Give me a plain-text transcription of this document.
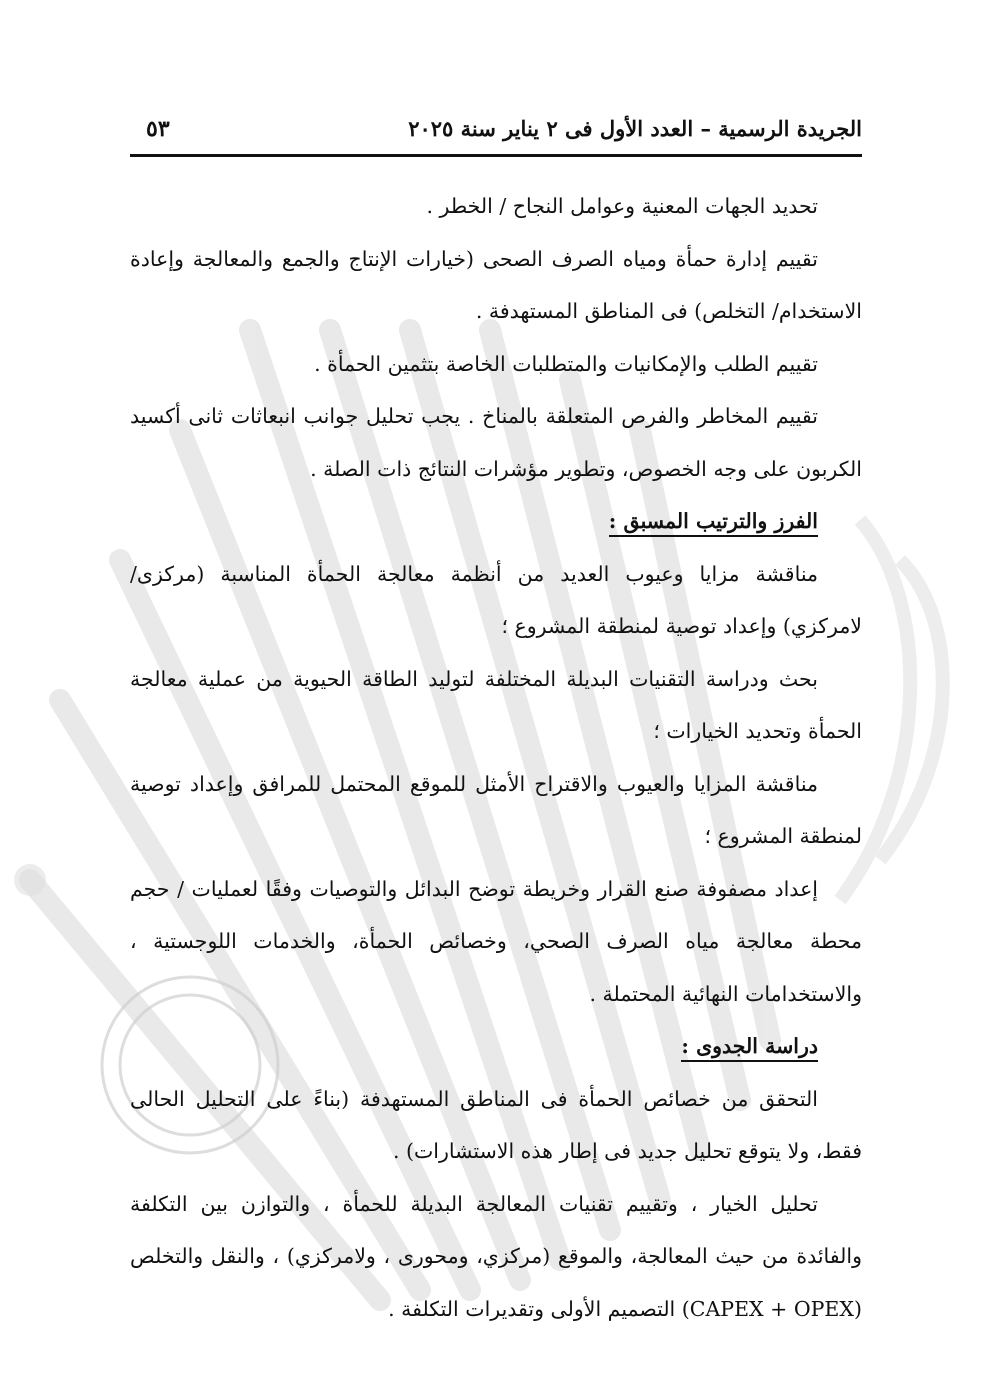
الجريدة الرسمية – العدد الأول فى ٢ يناير سنة ٢٠٢٥
٥٣

تحديد الجهات المعنية وعوامل النجاح / الخطر .

تقييم إدارة حمأة ومياه الصرف الصحى (خيارات الإنتاج والجمع والمعالجة وإعادة الاستخدام/ التخلص) فى المناطق المستهدفة .

تقييم الطلب والإمكانيات والمتطلبات الخاصة بتثمين الحمأة .

تقييم المخاطر والفرص المتعلقة بالمناخ . يجب تحليل جوانب انبعاثات ثانى أكسيد الكربون على وجه الخصوص، وتطوير مؤشرات النتائج ذات الصلة .

الفرز والترتيب المسبق :

مناقشة مزايا وعيوب العديد من أنظمة معالجة الحمأة المناسبة (مركزى/ لامركزي) وإعداد توصية لمنطقة المشروع ؛

بحث ودراسة التقنيات البديلة المختلفة لتوليد الطاقة الحيوية من عملية معالجة الحمأة وتحديد الخيارات ؛

مناقشة المزايا والعيوب والاقتراح الأمثل للموقع المحتمل للمرافق وإعداد توصية لمنطقة المشروع ؛

إعداد مصفوفة صنع القرار وخريطة توضح البدائل والتوصيات وفقًا لعمليات / حجم محطة معالجة مياه الصرف الصحي، وخصائص الحمأة، والخدمات اللوجستية ، والاستخدامات النهائية المحتملة .

دراسة الجدوى :

التحقق من خصائص الحمأة فى المناطق المستهدفة (بناءً على التحليل الحالى فقط، ولا يتوقع تحليل جديد فى إطار هذه الاستشارات) .

تحليل الخيار ، وتقييم تقنيات المعالجة البديلة للحمأة ، والتوازن بين التكلفة والفائدة من حيث المعالجة، والموقع (مركزي، ومحورى ، ولامركزي) ، والنقل والتخلص (CAPEX + OPEX) التصميم الأولى وتقديرات التكلفة .
